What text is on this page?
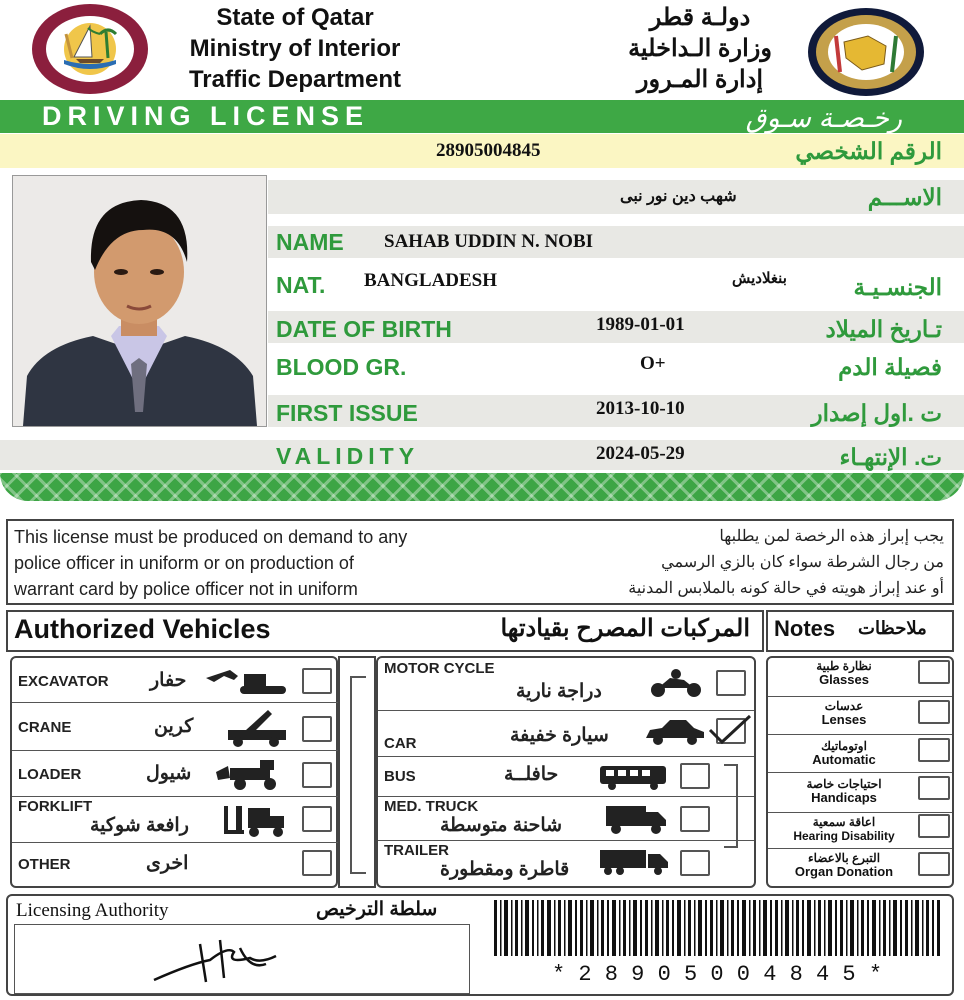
State of Qatar
Ministry of Interior
Traffic Department
دولـة قطر
وزارة الـداخلية
إدارة المـرور
DRIVING LICENSE	رخـصـة سـوق
28905004845	الرقم الشخصي
شهب دين نور نبى	الاســـم
NAME SAHAB UDDIN N. NOBI
NAT. BANGLADESH	بنغلاديش	الجنسـيـة
DATE OF BIRTH	1989-01-01	تـاريخ الميلاد
BLOOD GR.	O+	فصيلة الدم
FIRST ISSUE	2013-10-10	ت .اول إصدار
VALIDITY	2024-05-29	ت. الإنتهـاء
This license must be produced on demand to any
police officer in uniform or on production of
warrant card by police officer not in uniform
يجب إبراز هذه الرخصة لمن يطلبها
من رجال الشرطة سواء كان بالزي الرسمي
أو عند إبراز هويته في حالة كونه بالملابس المدنية
Authorized Vehicles	المركبات المصرح بقيادتها Notes ملاحظات
EXCAVATOR حفار
CRANE	كرين
LOADER	شيول
FORKLIFT
رافعة شوكية
OTHER	اخرى
MOTOR CYCLE
دراجة نارية
CAR	سيارة خفيفة
BUS	حافلــة
MED. TRUCK
شاحنة متوسطة
TRAILER
قاطرة ومقطورة
نظارة طبية
Glasses
عدسات
Lenses
اوتوماتيك
Automatic
احتياجات خاصة
Handicaps
اعاقة سمعية
Hearing Disability
التبرع بالاعضاء
Organ Donation
Licensing Authority	سلطة الترخيص
* 2 8 9 0 5 0 0 4 8 4 5 *
